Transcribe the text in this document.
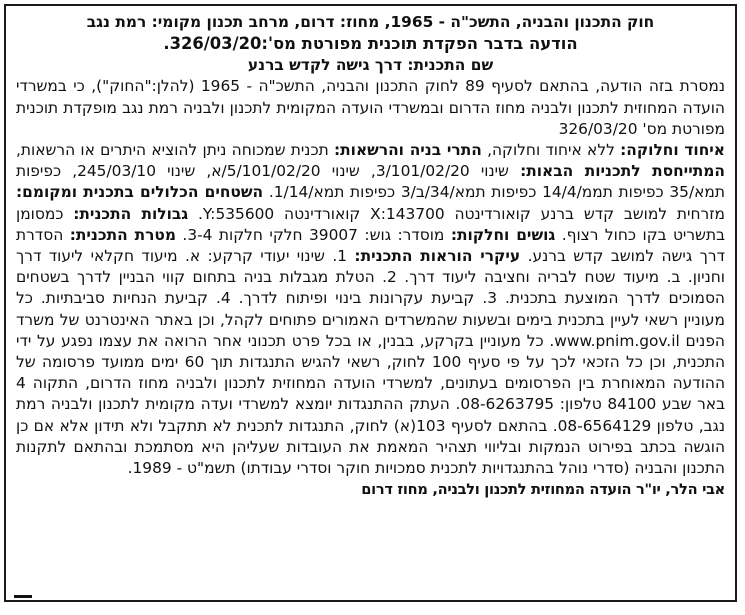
חוק התכנון והבניה, התשכ"ה - 1965, מחוז: דרום, מרחב תכנון מקומי: רמת נגב

הודעה בדבר הפקדת תוכנית מפורטת מס':326/03/20.

שם התכנית: דרך גישה לקדש ברנע

נמסרת בזה הודעה, בהתאם לסעיף 89 לחוק התכנון והבניה, התשכ"ה - 1965 (להלן:"החוק"), כי במשרדי הועדה המחוזית לתכנון ולבניה מחוז הדרום ובמשרדי הועדה המקומית לתכנון ולבניה רמת נגב מופקדת תוכנית מפורטת מס' 326/03/20

איחוד וחלוקה: ללא איחוד וחלוקה, התרי בניה והרשאות: תכנית שמכוחה ניתן להוציא היתרים או הרשאות, המתייחסת לתכניות הבאות: שינוי 3/101/02/20, שינוי 5/101/02/20/א, שינוי 245/03/10, כפיפות תמא/35 כפיפות תממ/14/4 כפיפות תמא/34/ב/3 כפיפות תמא/1/14. השטחים הכלולים בתכנית ומקומם: מזרחית למושב קדש ברנע קואורדינטה X:143700 קואורדינטה Y:535600. גבולות התכנית: כמסומן בתשריט בקו כחול רצוף. גושים וחלקות: מוסדר: גוש: 39007 חלקי חלקות 3-4. מטרת התכנית: הסדרת דרך גישה למושב קדש ברנע. עיקרי הוראות התכנית: 1. שינוי יעודי קרקע: א. מיעוד חקלאי ליעוד דרך וחניון. ב. מיעוד שטח לבריה וחציבה ליעוד דרך. 2. הטלת מגבלות בניה בתחום קווי הבניין לדרך בשטחים הסמוכים לדרך המוצעת בתכנית. 3. קביעת עקרונות בינוי ופיתוח לדרך. 4. קביעת הנחיות סביבתיות. כל מעוניין רשאי לעיין בתכנית בימים ובשעות שהמשרדים האמורים פתוחים לקהל, וכן באתר האינטרנט של משרד הפנים www.pnim.gov.il. כל מעוניין בקרקע, בבנין, או בכל פרט תכנוני אחר הרואה את עצמו נפגע על ידי התכנית, וכן כל הזכאי לכך על פי סעיף 100 לחוק, רשאי להגיש התנגדות תוך 60 ימים ממועד פרסומה של ההודעה המאוחרת בין הפרסומים בעתונים, למשרדי הועדה המחוזית לתכנון ולבניה מחוז הדרום, התקוה 4 באר שבע 84100 טלפון: 08-6263795. העתק ההתנגדות יומצא למשרדי ועדה מקומית לתכנון ולבניה רמת נגב, טלפון 08-6564129. בהתאם לסעיף 103(א) לחוק, התנגדות לתכנית לא תתקבל ולא תידון אלא אם כן הוגשה בכתב בפירוט הנמקות ובליווי תצהיר המאמת את העובדות שעליהן היא מסתמכת ובהתאם לתקנות התכנון והבניה (סדרי נוהל בהתנגדויות לתכנית סמכויות חוקר וסדרי עבודתו) תשמ"ט - 1989.

אבי הלר, יו"ר הועדה המחוזית לתכנון ולבניה, מחוז דרום
